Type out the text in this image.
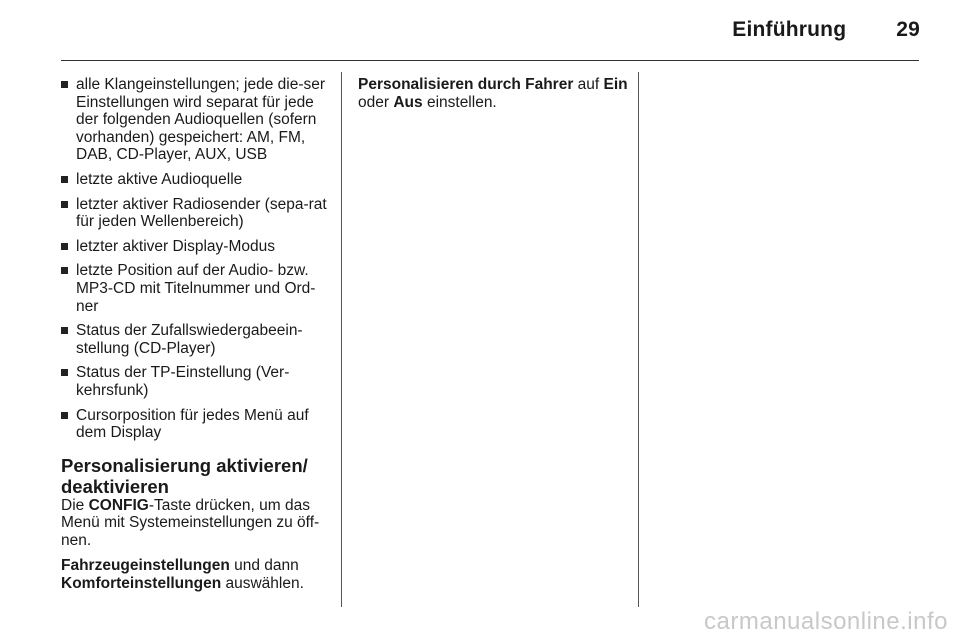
Einführung 29
alle Klangeinstellungen; jede die-ser Einstellungen wird separat für jede der folgenden Audioquellen (sofern vorhanden) gespeichert: AM, FM, DAB, CD-Player, AUX, USB
letzte aktive Audioquelle
letzter aktiver Radiosender (sepa-rat für jeden Wellenbereich)
letzter aktiver Display-Modus
letzte Position auf der Audio- bzw. MP3-CD mit Titelnummer und Ord-ner
Status der Zufallswiedergabeein-stellung (CD-Player)
Status der TP-Einstellung (Ver-kehrsfunk)
Cursorposition für jedes Menü auf dem Display
Personalisierung aktivieren/ deaktivieren

Die CONFIG-Taste drücken, um das Menü mit Systemeinstellungen zu öff-nen.

Fahrzeugeinstellungen und dann Komforteinstellungen auswählen.

Personalisieren durch Fahrer auf Ein oder Aus einstellen.

carmanualsonline.info
